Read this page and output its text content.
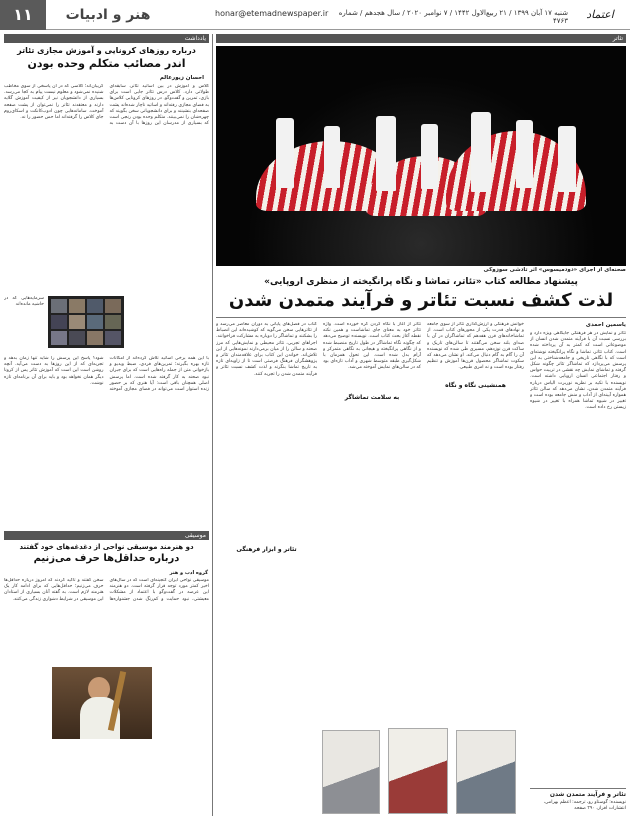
۱۱	هنر و ادبیات	honar@etemadnewspaper.ir	شنبه ۱۷ آبان ۱۳۹۹ / ۲۱ ربیع‌الاول ۱۴۴۲ / ۷ نوامبر ۲۰۲۰ / سال هجدهم / شماره ۴۷۶۳	اعتماد
یادداشت
درباره روزهای کرونایی و آموزش مجازی تئاتر
اندر مصائب متکلم وحده بودن
احسان زیورعالم
کلاس و آموزش در بین اساتید تئاتر، سابقه‌ای طولانی دارد. کلاس درس تئاتر جایی است برای بازی، تمرین و گفت‌وگو. در روزهای کرونایی کلاس‌ها به فضای مجازی رفته‌اند و اساتید ناچار شده‌اند پشت صفحه‌ای بنشینند و برای دانشجویانی سخن بگویند که چهره‌شان را نمی‌بینند. متکلم وحده بودن رنجی است که بسیاری از مدرسان این روزها با آن دست به گریبان‌اند؛ کلاسی که در آن پاسخی از سوی مخاطب شنیده نمی‌شود و معلوم نیست پیام به کجا می‌رسد. بسیاری از دانشجویان نیز از کیفیت آموزش گلایه دارند و معتقدند تئاتر را نمی‌توان از پشت صفحه آموخت. سامانه‌هایی چون ادوب‌کانکت و اسکای‌روم جای کلاس را گرفته‌اند اما حس حضور را نه.
سرمایه‌هایی که در حاشیه مانده‌اند
با این همه برخی اساتید تلاش کرده‌اند از امکانات تازه بهره بگیرند؛ تمرین‌های فردی، ضبط ویدیو و بازخوانی متن از جمله راه‌هایی است که برای جبران نبود صحنه به کار گرفته شده است. اما پرسش اصلی همچنان باقی است: آیا هنری که بر حضور زنده استوار است می‌تواند در فضای مجازی آموخته شود؟ پاسخ این پرسش را شاید تنها زمان بدهد و تجربه‌ای که از این روزها به دست می‌آید. آنچه روشن است این است که آموزش تئاتر پس از کرونا دیگر همان نخواهد بود و باید برای آن برنامه‌ای تازه نوشت.
موسیقی
دو هنرمند موسیقی نواحی از دغدغه‌های خود گفتند
درباره حداقل‌ها حرف می‌زنیم
گروه ادب و هنر
موسیقی نواحی ایران گنجینه‌ای است که در سال‌های اخیر کمتر مورد توجه قرار گرفته است. دو هنرمند این عرصه در گفت‌وگو با اعتماد از مشکلات معیشتی، نبود حمایت و کم‌رنگ شدن جشنواره‌ها سخن گفتند و تاکید کردند که امروز درباره حداقل‌ها حرف می‌زنیم؛ حداقل‌هایی که برای ادامه کار یک هنرمند لازم است. به گفته آنان بسیاری از استادان این موسیقی در شرایط دشواری زندگی می‌کنند.
تئاتر
صحنه‌ای از اجرای «دودمیسوس» اثر تادشی سوزوکی
پیشنهاد مطالعه کتاب «تئاتر، تماشا و نگاه پرانگیخته از منظری اروپایی»
لذت کشف نسبت تئاتر و فرآیند متمدن شدن
یاسمین احمدی
تئاتر و نمایش در هر فرهنگی جایگاهی ویژه دارد و بررسی نسبت آن با فرآیند متمدن شدن انسان از موضوعاتی است که کمتر به آن پرداخته شده است. کتاب تئاتر، تماشا و نگاه پرانگیخته نوشته‌ای است که با نگاهی تاریخی و جامعه‌شناختی به این پرسش می‌پردازد که تماشاگر تئاتر چگونه شکل گرفته و تماشای نمایش چه نقشی در تربیت حواس و رفتار اجتماعی انسان اروپایی داشته است. نویسنده با تکیه بر نظریه نوربرت الیاس درباره فرآیند متمدن شدن، نشان می‌دهد که سالن تئاتر همواره آیینه‌ای از آداب و منش جامعه بوده است و تغییر در شیوه تماشا همراه با تغییر در شیوه زیستن رخ داده است.
خوانش فرهنگی و ارزش‌گذاری تئاتر از سوی جامعه و نهادهای قدرت یکی از محورهای کتاب است. از تماشاخانه‌های قرن هفدهم که تماشاگران در آن با صدای بلند سخن می‌گفتند تا سالن‌های تاریک و ساکت قرن نوزدهم، مسیری طی شده که نویسنده آن را گام به گام دنبال می‌کند. او نشان می‌دهد که سکوت تماشاگر محصول قرن‌ها آموزش و تنظیم رفتار بوده است و نه امری طبیعی.
همنشینی نگاه و نگاه
تئاتر از آغاز با نگاه کردن گره خورده است. واژه تئاتر خود به معنای جای تماشاست و همین نکته نقطه آغاز بحث کتاب است. نویسنده توضیح می‌دهد که چگونه نگاه تماشاگر در طول تاریخ منضبط شده و از نگاهی پرانگیخته و هیجانی به نگاهی متمرکز و آرام بدل شده است. این تحول همزمان با شکل‌گیری طبقه متوسط شهری و آداب تازه‌ای بود که در سالن‌های نمایش آموخته می‌شد.
به سلامت تماشاگر
کتاب در فصل‌های پایانی به دوران معاصر می‌رسد و از تئاترهایی سخن می‌گوید که کوشیده‌اند این انضباط را بشکنند و تماشاگر را دوباره به مشارکت فراخوانند. اجراهای تجربی، تئاتر محیطی و نمایش‌هایی که مرز صحنه و سالن را از میان برمی‌دارند نمونه‌هایی از این تلاش‌اند. خواندن این کتاب برای علاقه‌مندان تئاتر و پژوهشگران فرهنگ فرصتی است تا از زاویه‌ای تازه به تاریخ تماشا بنگرند و لذت کشف نسبت تئاتر و فرآیند متمدن شدن را تجربه کنند.
تئاتر و ابزار فرهنگی
تئاتر و فرآیند متمدن شدن
نویسنده: گوستاو رو، ترجمه: اعظم بهرامی، انتشارات افراز، ۲۹۰ صفحه
